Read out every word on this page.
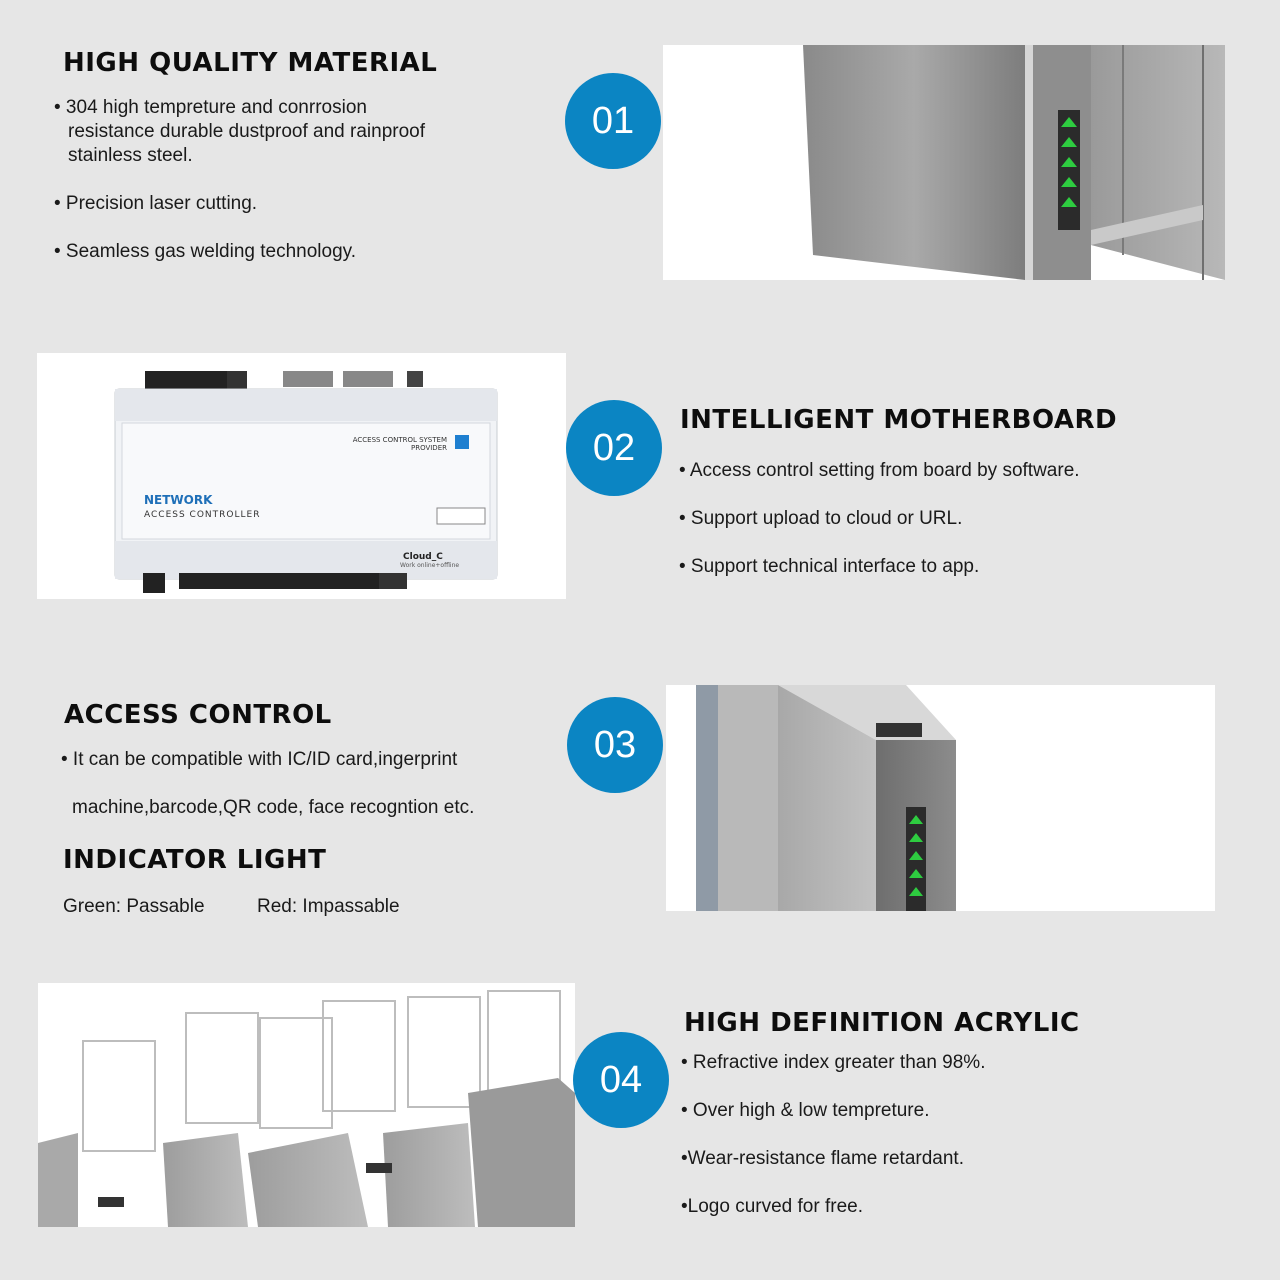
HIGH QUALITY MATERIAL
• 304 high tempreture and conrrosion
resistance durable dustproof and rainproof
stainless steel.
• Precision laser cutting.
• Seamless gas welding technology.
01
ACCESS CONTROL SYSTEM
PROVIDER
NETWORK
ACCESS CONTROLLER
Cloud_C
Work online+offline
02
INTELLIGENT MOTHERBOARD
• Access control setting from board by software.
• Support upload to cloud or URL.
• Support technical interface to app.
ACCESS CONTROL
• It can be compatible with IC/ID card,ingerprint
machine,barcode,QR code, face recogntion etc.
INDICATOR LIGHT
Green: Passable	Red: Impassable
03
04
HIGH DEFINITION ACRYLIC
• Refractive index greater than 98%.
• Over high & low tempreture.
•Wear-resistance flame retardant.
•Logo curved for free.
